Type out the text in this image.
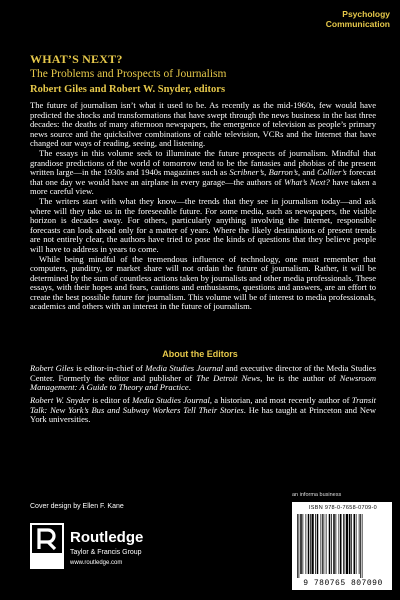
Psychology
Communication
WHAT’S NEXT?
The Problems and Prospects of Journalism
Robert Giles and Robert W. Snyder, editors

The future of journalism isn’t what it used to be. As recently as the mid-1960s, few would have predicted the shocks and transformations that have swept through the news business in the last three decades: the deaths of many afternoon newspapers, the emergence of television as people’s primary news source and the quicksilver combinations of cable television, VCRs and the Internet that have changed our ways of reading, seeing, and listening.

The essays in this volume seek to illuminate the future prospects of journalism. Mindful that grandiose predictions of the world of tomorrow tend to be the fantasies and phobias of the present written large—in the 1930s and 1940s magazines such as Scribner’s, Barron’s, and Collier’s forecast that one day we would have an airplane in every garage—the authors of What’s Next? have taken a more careful view.

The writers start with what they know—the trends that they see in journalism today—and ask where will they take us in the foreseeable future. For some media, such as newspapers, the visible horizon is decades away. For others, particularly anything involving the Internet, responsible forecasts can look ahead only for a matter of years. Where the likely destinations of present trends are not entirely clear, the authors have tried to pose the kinds of questions that they believe people will have to address in years to come.

While being mindful of the tremendous influence of technology, one must remember that computers, punditry, or market share will not ordain the future of journalism. Rather, it will be determined by the sum of countless actions taken by journalists and other media professionals. These essays, with their hopes and fears, cautions and enthusiasms, questions and answers, are an effort to create the best possible future for journalism. This volume will be of interest to media professionals, academics and others with an interest in the future of journalism.

About the Editors

Robert Giles is editor-in-chief of Media Studies Journal and executive director of the Media Studies Center. Formerly the editor and publisher of The Detroit News, he is the author of Newsroom Management: A Guide to Theory and Practice.

Robert W. Snyder is editor of Media Studies Journal, a historian, and most recently author of Transit Talk: New York’s Bus and Subway Workers Tell Their Stories. He has taught at Princeton and New York universities.

Cover design by Ellen F. Kane
Routledge
Taylor & Francis Group
www.routledge.com
an informa business
ISBN 978-0-7658-0709-0
9 780765 807090
